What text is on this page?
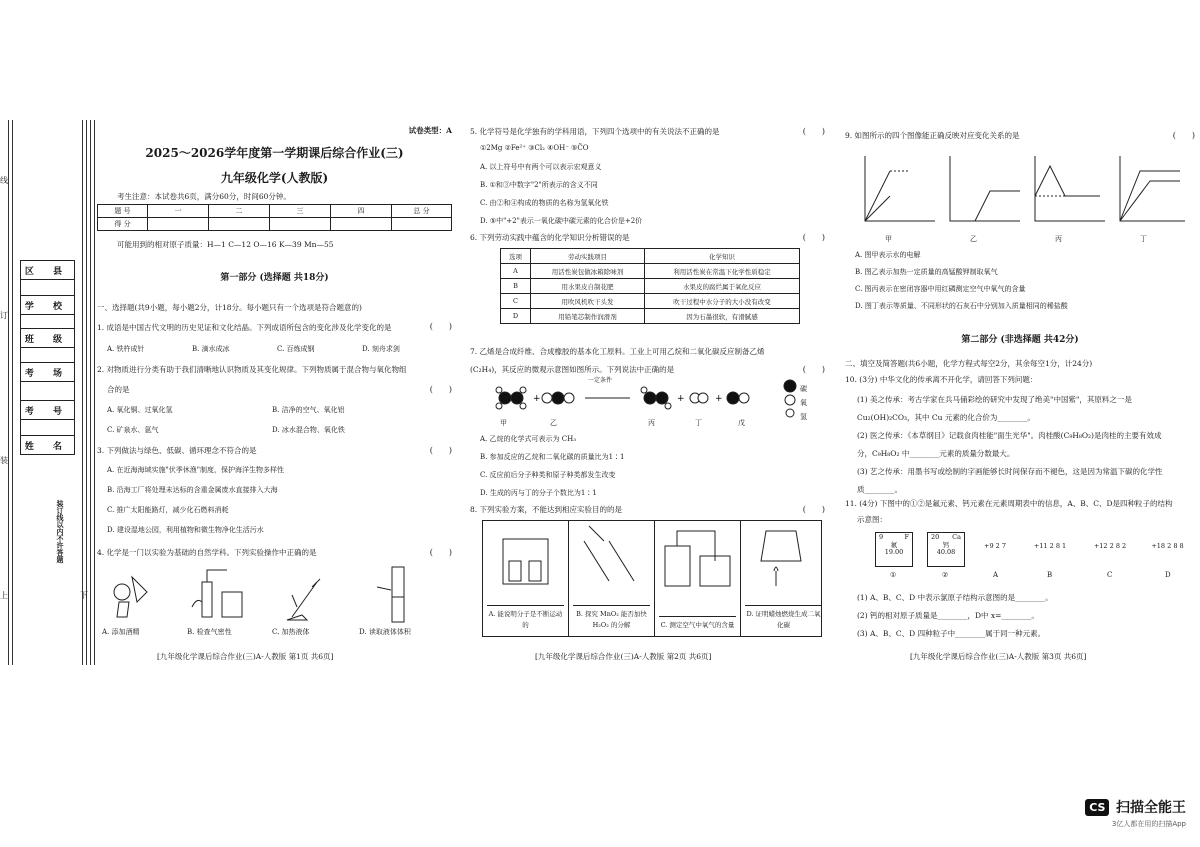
线
订
装
上	下
区 县
学 校
班 级
考 场
考 号
姓 名
装订线以内不许答题
试卷类型：A
2025～2026学年度第一学期课后综合作业(三)
九年级化学(人教版)
考生注意：本试卷共6页，满分60分，时间60分钟。
题 号	一	二	三	四	总 分
得 分					
可能用到的相对原子质量：H—1 C—12 O—16 K—39 Mn—55
第一部分 (选择题 共18分)
一、选择题(共9小题，每小题2分，计18分。每小题只有一个选项是符合题意的)
1. 成语是中国古代文明的历史见证和文化结晶。下列成语所包含的变化涉及化学变化的是	(　　)
A. 铁杵成针	B. 滴水成冰	C. 百炼成钢	D. 刻舟求剑
2. 对物质进行分类有助于我们清晰地认识物质及其变化规律。下列物质属于混合物与氧化物组
合的是	(　　)
A. 氧化铜、过氧化氢	B. 洁净的空气、氧化铝
C. 矿泉水、氩气	D. 冰水混合物、氧化铁
3. 下列做法与绿色、低碳、循环理念不符合的是	(　　)
A. 在近海海域实施"伏季休渔"制度，保护海洋生物多样性
B. 沿海工厂将处理未达标的含重金属废水直接排入大海
C. 推广太阳能路灯，减少化石燃料消耗
D. 建设湿地公园，利用植物和微生物净化生活污水
4. 化学是一门以实验为基础的自然学科。下列实验操作中正确的是	(　　)
A. 添加酒精	B. 检查气密性	C. 加热液体	D. 读取液体体积
[九年级化学课后综合作业(三)A-人教版 第1页 共6页]
5. 化学符号是化学独有的学科用语，下列四个选项中的有关说法不正确的是	(　　)
①2Mg ②Fe²⁺ ③Cl₂ ④OH⁻ ⑤C̈O
A. 以上符号中有两个可以表示宏观意义
B. ①和③中数字"2"所表示的含义不同
C. 由②和④构成的物质的名称为氢氧化铁
D. ⑤中"+2"表示一氧化碳中碳元素的化合价是+2价
6. 下列劳动实践中蕴含的化学知识分析错误的是	(　　)
选项	劳动实践项目	化学知识
A	用活性炭包做冰箱除味剂	利用活性炭在常温下化学性质稳定
B	用水果皮自制花肥	水果皮的腐烂属于氧化反应
C	用吹风机吹干头发	吹干过程中水分子的大小没有改变
D	用铅笔芯制作润滑剂	因为石墨很软，有滑腻感
7. 乙烯是合成纤维、合成橡胶的基本化工原料。工业上可用乙烷和二氧化碳反应制备乙烯
(C₂H₄)，其反应的微观示意图如图所示。下列说法中正确的是	(　　)
+	+	+
一定条件
甲	乙	丙	丁	戊
碳
氧
氢
A. 乙烷的化学式可表示为 CH₃
B. 参加反应的乙烷和二氧化碳的质量比为1∶1
C. 反应前后分子种类和原子种类都发生改变
D. 生成的丙与丁的分子个数比为1∶1
8. 下列实验方案，不能达到相应实验目的的是	(　　)
A. 能说明分子是不断运动的
B. 探究 MnO₂ 能否加快 H₂O₂ 的分解	C. 测定空气中氧气的含量
D. 证明蜡烛燃烧生成二氧化碳
[九年级化学课后综合作业(三)A-人教版 第2页 共6页]
9. 如图所示的四个图像能正确反映对应变化关系的是	(　　)
甲	乙	丙	丁
A. 图甲表示水的电解
B. 图乙表示加热一定质量的高锰酸钾制取氧气
C. 图丙表示在密闭容器中用红磷测定空气中氧气的含量
D. 图丁表示等质量、不同形状的石灰石中分别加入质量相同的稀盐酸
第二部分 (非选择题 共42分)
二、填空及简答题(共6小题，化学方程式每空2分，其余每空1分，计24分)
10. (3分) 中华文化的传承离不开化学，请回答下列问题：
(1) 美之传承：考古学家在兵马俑彩绘的研究中发现了绝美"中国紫"，其原料之一是
Cu₂(OH)₂CO₃，其中 Cu 元素的化合价为________。
(2) 医之传承：《本草纲目》记载食肉桂能"面生光华"。肉桂酸(C₉H₈O₂)是肉桂的主要有效成
分，C₉H₈O₂ 中________元素的质量分数最大。
(3) 艺之传承：用墨书写或绘制的字画能够长时间保存而不褪色，这是因为常温下碳的化学性
质________。
11. (4分) 下图中的①②是氟元素、钙元素在元素周期表中的信息，A、B、C、D是四种粒子的结构
示意图：
9	F
氟
19.00
20 Ca
钙
40.08
+9 2 7	+11 2 8 1	+12 2 8 2	+18 2 8 8
①	②	A	B	C	D
(1) A、B、C、D 中表示氯原子结构示意图的是________。
(2) 钙的相对原子质量是________，D中 x=________。
(3) A、B、C、D 四种粒子中________属于同一种元素。
[九年级化学课后综合作业(三)A-人教版 第3页 共6页]
CS 扫描全能王
3亿人都在用的扫描App
